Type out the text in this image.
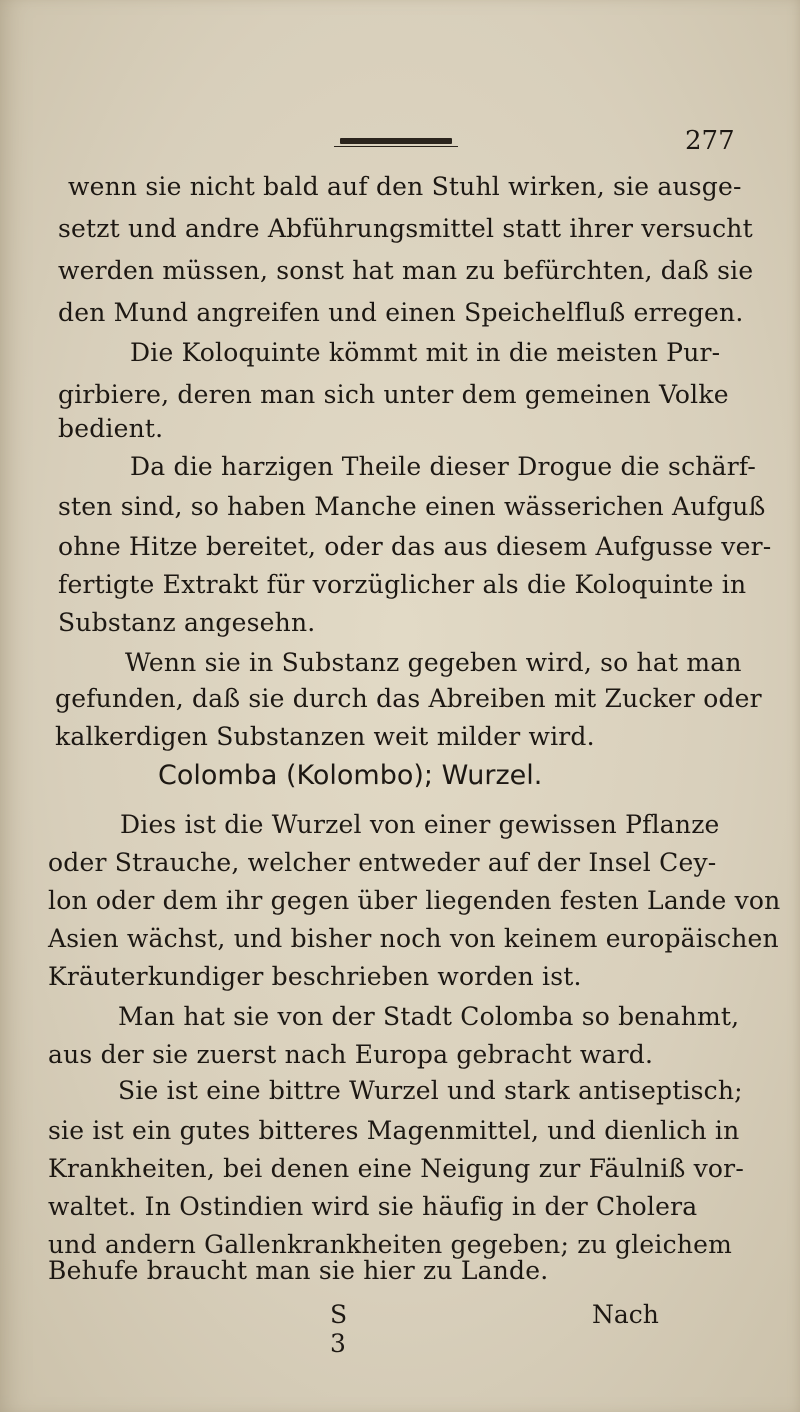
277
wenn sie nicht bald auf den Stuhl wirken, sie ausge-
setzt und andre Abführungsmittel statt ihrer versucht
werden müssen, sonst hat man zu befürchten, daß sie
den Mund angreifen und einen Speichelfluß erregen.
Die Koloquinte kömmt mit in die meisten Pur-
girbiere, deren man sich unter dem gemeinen Volke
bedient.
Da die harzigen Theile dieser Drogue die schärf-
sten sind, so haben Manche einen wässerichen Aufguß
ohne Hitze bereitet, oder das aus diesem Aufgusse ver-
fertigte Extrakt für vorzüglicher als die Koloquinte in
Substanz angesehn.
Wenn sie in Substanz gegeben wird, so hat man
gefunden, daß sie durch das Abreiben mit Zucker oder
kalkerdigen Substanzen weit milder wird.
Colomba (Kolombo); Wurzel.
Dies ist die Wurzel von einer gewissen Pflanze
oder Strauche, welcher entweder auf der Insel Cey-
lon oder dem ihr gegen über liegenden festen Lande von
Asien wächst, und bisher noch von keinem europäischen
Kräuterkundiger beschrieben worden ist.
Man hat sie von der Stadt Colomba so benahmt,
aus der sie zuerst nach Europa gebracht ward.
Sie ist eine bittre Wurzel und stark antiseptisch;
sie ist ein gutes bitteres Magenmittel, und dienlich in
Krankheiten, bei denen eine Neigung zur Fäulniß vor-
waltet. In Ostindien wird sie häufig in der Cholera
und andern Gallenkrankheiten gegeben; zu gleichem
Behufe braucht man sie hier zu Lande.
S 3
Nach
